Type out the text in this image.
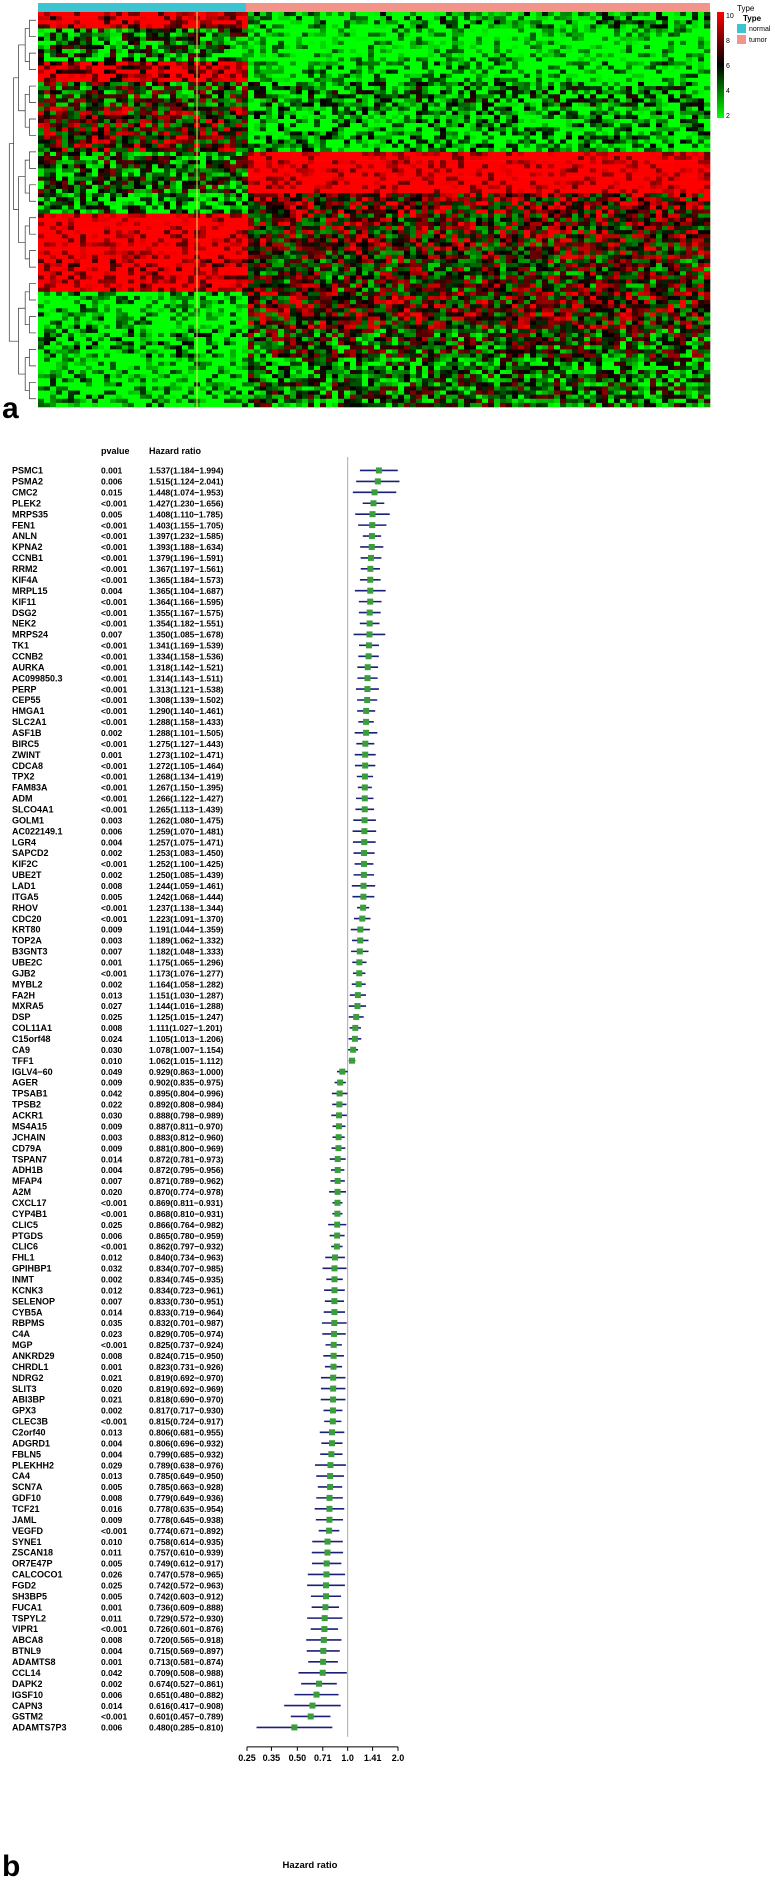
10
8
6
4
2
Type
Type
normal
tumor
a
pvalue Hazard ratio
PSMC1	0.001	1.537(1.184−1.994)
PSMA2	0.006	1.515(1.124−2.041)
CMC2	0.015	1.448(1.074−1.953)
PLEK2	<0.001	1.427(1.230−1.656)
MRPS35	0.005	1.408(1.110−1.785)
FEN1	<0.001	1.403(1.155−1.705)
ANLN	<0.001	1.397(1.232−1.585)
KPNA2	<0.001	1.393(1.188−1.634)
CCNB1	<0.001	1.379(1.196−1.591)
RRM2	<0.001	1.367(1.197−1.561)
KIF4A	<0.001	1.365(1.184−1.573)
MRPL15	0.004	1.365(1.104−1.687)
KIF11	<0.001	1.364(1.166−1.595)
DSG2	<0.001	1.355(1.167−1.575)
NEK2	<0.001	1.354(1.182−1.551)
MRPS24	0.007	1.350(1.085−1.678)
TK1	<0.001	1.341(1.169−1.539)
CCNB2	<0.001	1.334(1.158−1.536)
AURKA	<0.001	1.318(1.142−1.521)
AC099850.3	<0.001	1.314(1.143−1.511)
PERP	<0.001	1.313(1.121−1.538)
CEP55	<0.001	1.308(1.139−1.502)
HMGA1	<0.001	1.290(1.140−1.461)
SLC2A1	<0.001	1.288(1.158−1.433)
ASF1B	0.002	1.288(1.101−1.505)
BIRC5	<0.001	1.275(1.127−1.443)
ZWINT	0.001	1.273(1.102−1.471)
CDCA8	<0.001	1.272(1.105−1.464)
TPX2	<0.001	1.268(1.134−1.419)
FAM83A	<0.001	1.267(1.150−1.395)
ADM	<0.001	1.266(1.122−1.427)
SLCO4A1	<0.001	1.265(1.113−1.439)
GOLM1	0.003	1.262(1.080−1.475)
AC022149.1	0.006	1.259(1.070−1.481)
LGR4	0.004	1.257(1.075−1.471)
SAPCD2	0.002	1.253(1.083−1.450)
KIF2C	<0.001	1.252(1.100−1.425)
UBE2T	0.002	1.250(1.085−1.439)
LAD1	0.008	1.244(1.059−1.461)
ITGA5	0.005	1.242(1.068−1.444)
RHOV	<0.001	1.237(1.138−1.344)
CDC20	<0.001	1.223(1.091−1.370)
KRT80	0.009	1.191(1.044−1.359)
TOP2A	0.003	1.189(1.062−1.332)
B3GNT3	0.007	1.182(1.048−1.333)
UBE2C	0.001	1.175(1.065−1.296)
GJB2	<0.001	1.173(1.076−1.277)
MYBL2	0.002	1.164(1.058−1.282)
FA2H	0.013	1.151(1.030−1.287)
MXRA5	0.027	1.144(1.016−1.288)
DSP	0.025	1.125(1.015−1.247)
COL11A1	0.008	1.111(1.027−1.201)
C15orf48	0.024	1.105(1.013−1.206)
CA9	0.030	1.078(1.007−1.154)
TFF1	0.010	1.062(1.015−1.112)
IGLV4−60	0.049	0.929(0.863−1.000)
AGER	0.009	0.902(0.835−0.975)
TPSAB1	0.042	0.895(0.804−0.996)
TPSB2	0.022	0.892(0.808−0.984)
ACKR1	0.030	0.888(0.798−0.989)
MS4A15	0.009	0.887(0.811−0.970)
JCHAIN	0.003	0.883(0.812−0.960)
CD79A	0.009	0.881(0.800−0.969)
TSPAN7	0.014	0.872(0.781−0.973)
ADH1B	0.004	0.872(0.795−0.956)
MFAP4	0.007	0.871(0.789−0.962)
A2M	0.020	0.870(0.774−0.978)
CXCL17	<0.001	0.869(0.811−0.931)
CYP4B1	<0.001	0.868(0.810−0.931)
CLIC5	0.025	0.866(0.764−0.982)
PTGDS	0.006	0.865(0.780−0.959)
CLIC6	<0.001	0.862(0.797−0.932)
FHL1	0.012	0.840(0.734−0.963)
GPIHBP1	0.032	0.834(0.707−0.985)
INMT	0.002	0.834(0.745−0.935)
KCNK3	0.012	0.834(0.723−0.961)
SELENOP	0.007	0.833(0.730−0.951)
CYB5A	0.014	0.833(0.719−0.964)
RBPMS	0.035	0.832(0.701−0.987)
C4A	0.023	0.829(0.705−0.974)
MGP	<0.001	0.825(0.737−0.924)
ANKRD29	0.008	0.824(0.715−0.950)
CHRDL1	0.001	0.823(0.731−0.926)
NDRG2	0.021	0.819(0.692−0.970)
SLIT3	0.020	0.819(0.692−0.969)
ABI3BP	0.021	0.818(0.690−0.970)
GPX3	0.002	0.817(0.717−0.930)
CLEC3B	<0.001	0.815(0.724−0.917)
C2orf40	0.013	0.806(0.681−0.955)
ADGRD1	0.004	0.806(0.696−0.932)
FBLN5	0.004	0.799(0.685−0.932)
PLEKHH2	0.029	0.789(0.638−0.976)
CA4	0.013	0.785(0.649−0.950)
SCN7A	0.005	0.785(0.663−0.928)
GDF10	0.008	0.779(0.649−0.936)
TCF21	0.016	0.778(0.635−0.954)
JAML	0.009	0.778(0.645−0.938)
VEGFD	<0.001	0.774(0.671−0.892)
SYNE1	0.010	0.758(0.614−0.935)
ZSCAN18	0.011	0.757(0.610−0.939)
OR7E47P	0.005	0.749(0.612−0.917)
CALCOCO1	0.026	0.747(0.578−0.965)
FGD2	0.025	0.742(0.572−0.963)
SH3BP5	0.005	0.742(0.603−0.912)
FUCA1	0.001	0.736(0.609−0.888)
TSPYL2	0.011	0.729(0.572−0.930)
VIPR1	<0.001	0.726(0.601−0.876)
ABCA8	0.008	0.720(0.565−0.918)
BTNL9	0.004	0.715(0.569−0.897)
ADAMTS8	0.001	0.713(0.581−0.874)
CCL14	0.042	0.709(0.508−0.988)
DAPK2	0.002	0.674(0.527−0.861)
IGSF10	0.006	0.651(0.480−0.882)
CAPN3	0.014	0.616(0.417−0.908)
GSTM2	<0.001	0.601(0.457−0.789)
ADAMTS7P3	0.006	0.480(0.285−0.810)
0.25 0.35 0.50 0.71 1.0 1.41 2.0
Hazard ratio
b
